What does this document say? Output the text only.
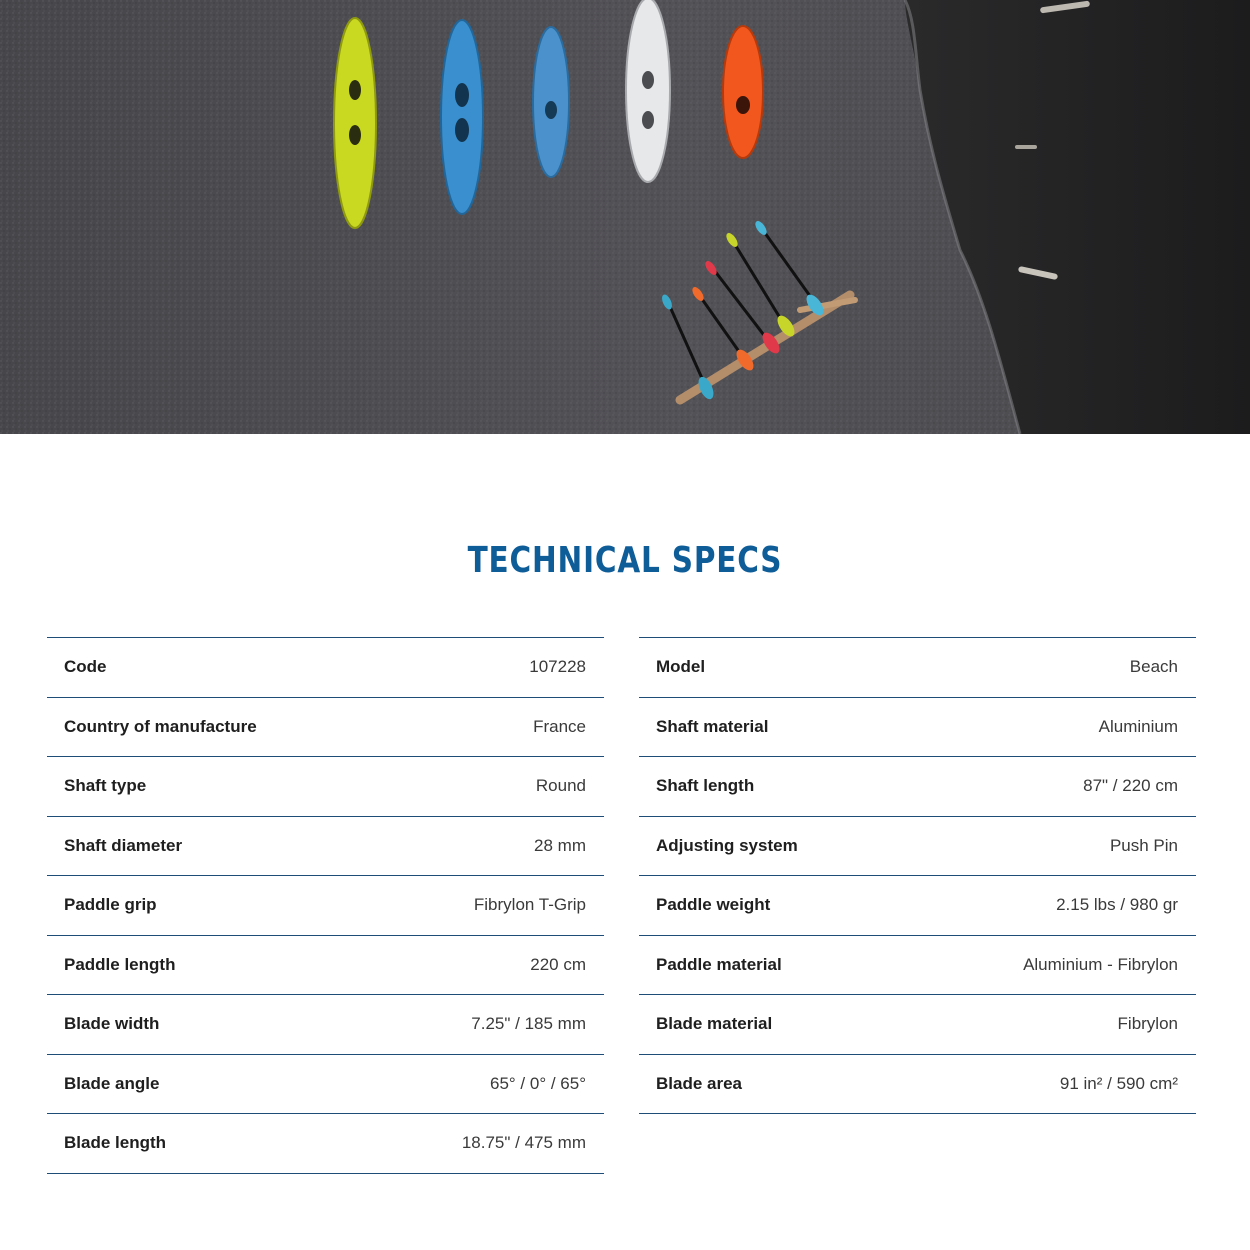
TECHNICAL SPECS
Code	107228
Country of manufacture	France
Shaft type	Round
Shaft diameter	28 mm
Paddle grip	Fibrylon T-Grip
Paddle length	220 cm
Blade width	7.25" / 185 mm
Blade angle	65° / 0° / 65°
Blade length	18.75" / 475 mm
Model	Beach
Shaft material	Aluminium
Shaft length	87" / 220 cm
Adjusting system	Push Pin
Paddle weight	2.15 lbs / 980 gr
Paddle material	Aluminium - Fibrylon
Blade material	Fibrylon
Blade area	91 in² / 590 cm²
